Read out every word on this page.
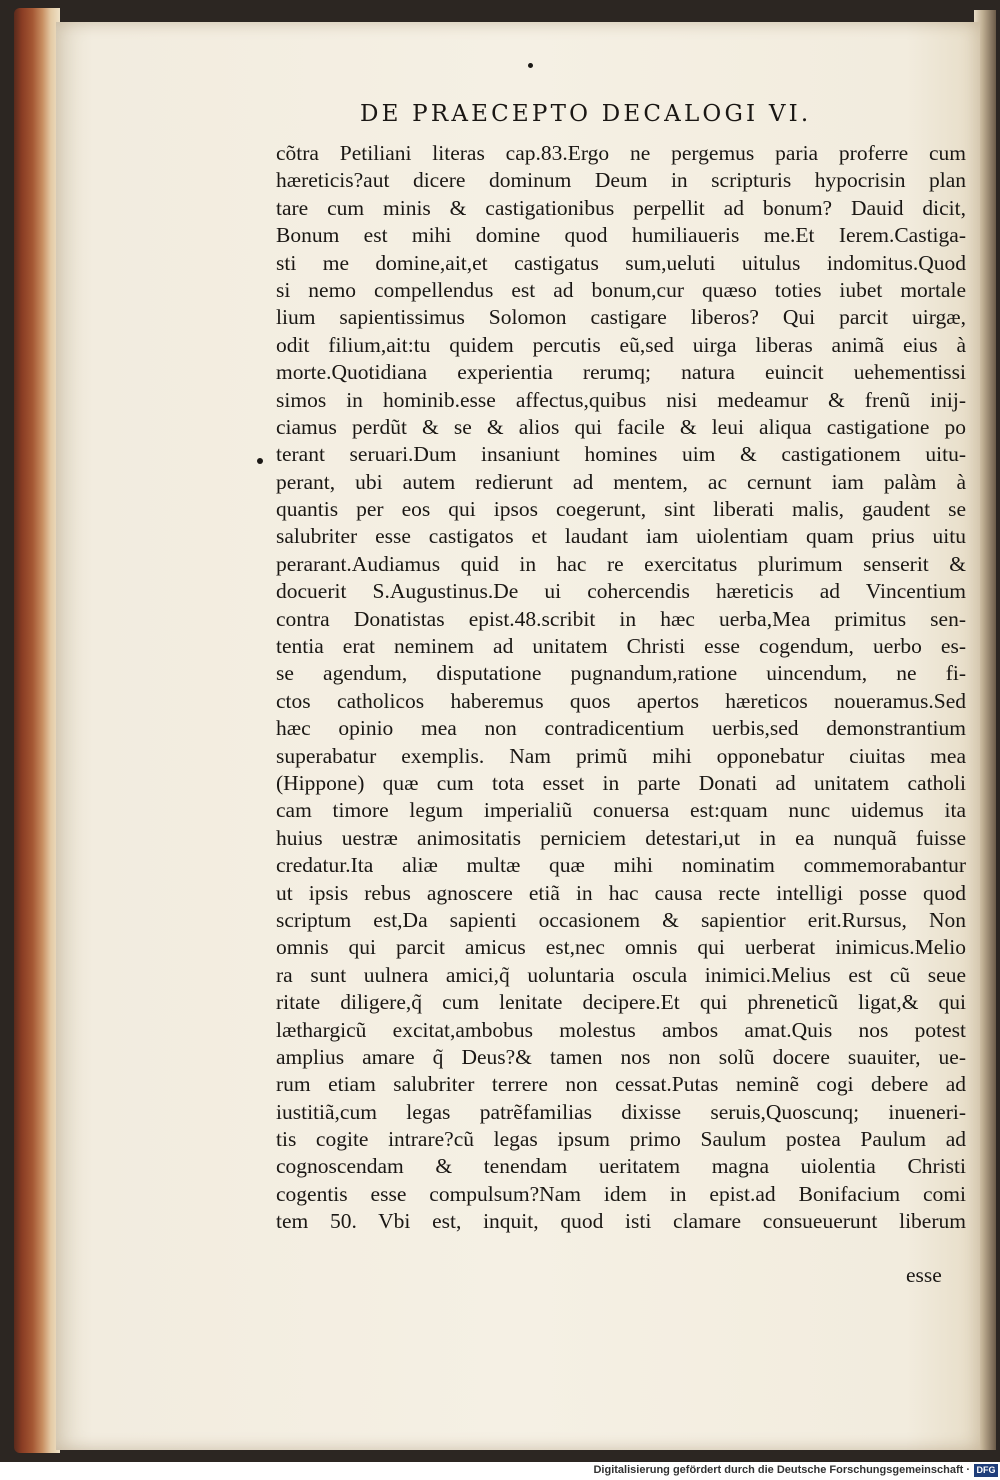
DE PRAECEPTO DECALOGI VI.
cõtra Petiliani literas cap.83.Ergo ne pergemus paria proferre cum
hæreticis?aut dicere dominum Deum in scripturis hypocrisin plan
tare cum minis & castigationibus perpellit ad bonum? Dauid dicit,
Bonum est mihi domine quod humiliaueris me.Et Ierem.Castiga-
sti me domine,ait,et castigatus sum,ueluti uitulus indomitus.Quod
si nemo compellendus est ad bonum,cur quæso toties iubet mortale
lium sapientissimus Solomon castigare liberos? Qui parcit uirgæ,
odit filium,ait:tu quidem percutis eũ,sed uirga liberas animã eius à
morte.Quotidiana experientia rerumq; natura euincit uehementissi
simos in hominib.esse affectus,quibus nisi medeamur & frenũ inij-
ciamus perdũt & se & alios qui facile & leui aliqua castigatione po
terant seruari.Dum insaniunt homines uim & castigationem uitu-
perant, ubi autem redierunt ad mentem, ac cernunt iam palàm à
quantis per eos qui ipsos coegerunt, sint liberati malis, gaudent se
salubriter esse castigatos et laudant iam uiolentiam quam prius uitu
perarant.Audiamus quid in hac re exercitatus plurimum senserit &
docuerit S.Augustinus.De ui cohercendis hæreticis ad Vincentium
contra Donatistas epist.48.scribit in hæc uerba,Mea primitus sen-
tentia erat neminem ad unitatem Christi esse cogendum, uerbo es-
se agendum, disputatione pugnandum,ratione uincendum, ne fi-
ctos catholicos haberemus quos apertos hæreticos noueramus.Sed
hæc opinio mea non contradicentium uerbis,sed demonstrantium
superabatur exemplis. Nam primũ mihi opponebatur ciuitas mea
(Hippone) quæ cum tota esset in parte Donati ad unitatem catholi
cam timore legum imperialiũ conuersa est:quam nunc uidemus ita
huius uestræ animositatis perniciem detestari,ut in ea nunquã fuisse
credatur.Ita aliæ multæ quæ mihi nominatim commemorabantur
ut ipsis rebus agnoscere etiã in hac causa recte intelligi posse quod
scriptum est,Da sapienti occasionem & sapientior erit.Rursus, Non
omnis qui parcit amicus est,nec omnis qui uerberat inimicus.Melio
ra sunt uulnera amici,q̃ uoluntaria oscula inimici.Melius est cũ seue
ritate diligere,q̃ cum lenitate decipere.Et qui phreneticũ ligat,& qui
læthargicũ excitat,ambobus molestus ambos amat.Quis nos potest
amplius amare q̃ Deus?& tamen nos non solũ docere suauiter, ue-
rum etiam salubriter terrere non cessat.Putas neminẽ cogi debere ad
iustitiã,cum legas patrẽfamilias dixisse seruis,Quoscunq; inueneri-
tis cogite intrare?cũ legas ipsum primo Saulum postea Paulum ad
cognoscendam & tenendam ueritatem magna uiolentia Christi
cogentis esse compulsum?Nam idem in epist.ad Bonifacium comi
tem 50. Vbi est, inquit, quod isti clamare consueuerunt liberum
esse
Digitalisierung gefördert durch die Deutsche Forschungsgemeinschaft · DFG
